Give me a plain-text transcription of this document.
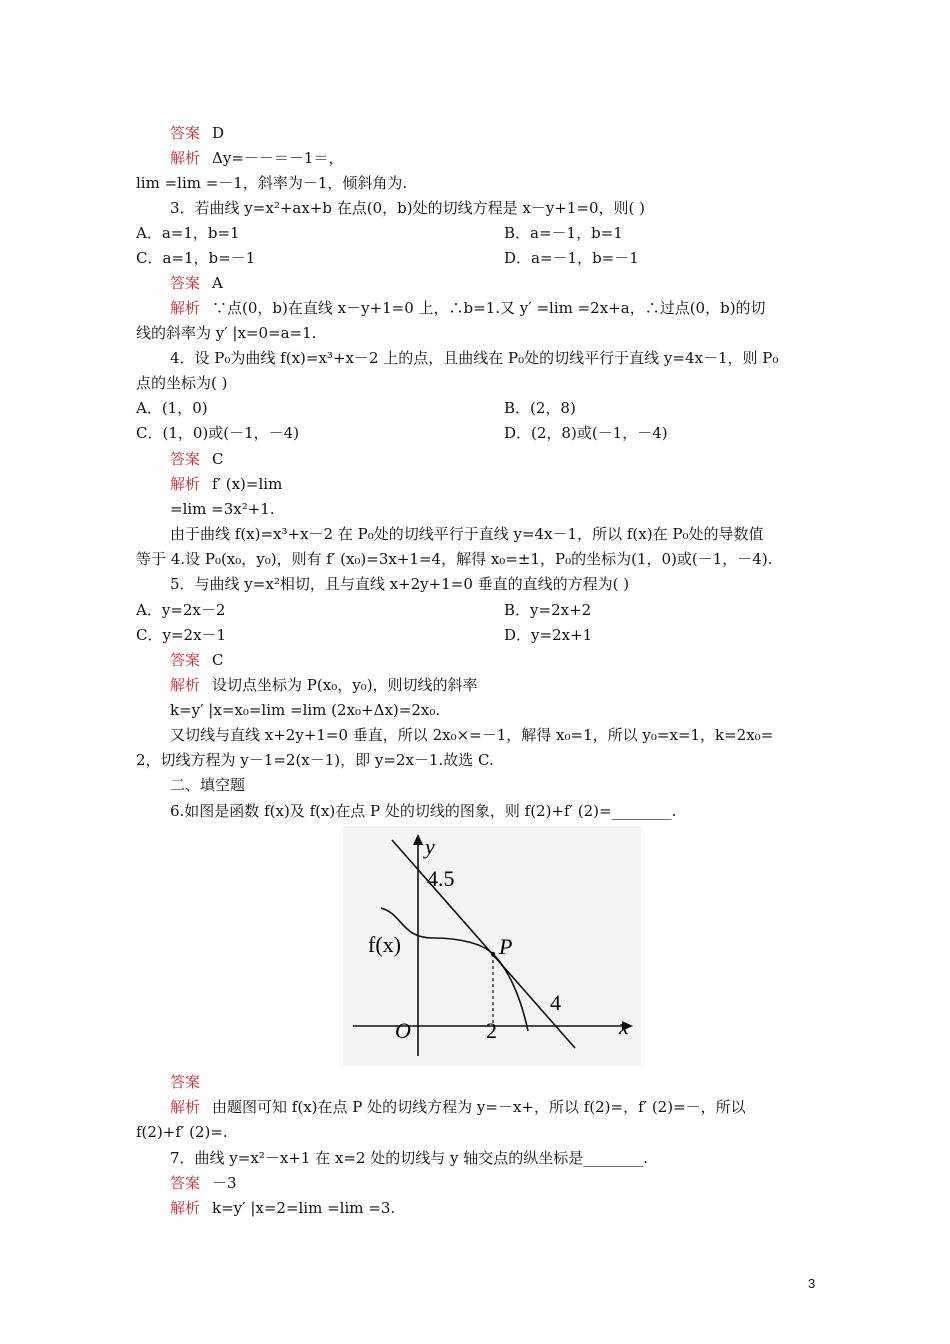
答案 D
解析 Δy=－－＝－1＝，
lim =lim =－1，斜率为－1，倾斜角为.
3．若曲线 y=x²+ax+b 在点(0，b)处的切线方程是 x－y+1=0，则( )
A．a=1，b=1	B．a=－1，b=1
C．a=1，b=－1	D．a=－1，b=－1
答案 A
解析 ∵点(0，b)在直线 x－y+1=0 上，∴b=1.又 y′ =lim =2x+a，∴过点(0，b)的切
线的斜率为 y′ |x=0=a=1.
4．设 P₀为曲线 f(x)=x³+x－2 上的点，且曲线在 P₀处的切线平行于直线 y=4x－1，则 P₀
点的坐标为( )
A．(1，0)	B．(2，8)
C．(1，0)或(－1，－4)	D．(2，8)或(－1，－4)
答案 C
解析 f′ (x)=lim
=lim =3x²+1.
由于曲线 f(x)=x³+x－2 在 P₀处的切线平行于直线 y=4x－1，所以 f(x)在 P₀处的导数值
等于 4.设 P₀(x₀，y₀)，则有 f′ (x₀)=3x+1=4，解得 x₀=±1，P₀的坐标为(1，0)或(－1，－4).
5．与曲线 y=x²相切，且与直线 x+2y+1=0 垂直的直线的方程为( )
A．y=2x－2	B．y=2x+2
C．y=2x－1	D．y=2x+1
答案 C
解析 设切点坐标为 P(x₀，y₀)，则切线的斜率
k=y′ |x=x₀=lim =lim (2x₀+Δx)=2x₀.
又切线与直线 x+2y+1=0 垂直，所以 2x₀×=－1，解得 x₀=1，所以 y₀=x=1，k=2x₀=
2，切线方程为 y－1=2(x－1)，即 y=2x－1.故选 C.
二、填空题
6.如图是函数 f(x)及 f(x)在点 P 处的切线的图象，则 f(2)+f′ (2)=________.
y
x
O
4.5
f(x)	P
2
4
答案
解析 由题图可知 f(x)在点 P 处的切线方程为 y=－x+，所以 f(2)=，f′ (2)=－，所以
f(2)+f′ (2)=.
7．曲线 y=x²－x+1 在 x=2 处的切线与 y 轴交点的纵坐标是________.
答案 －3
解析 k=y′ |x=2=lim =lim =3.
3
